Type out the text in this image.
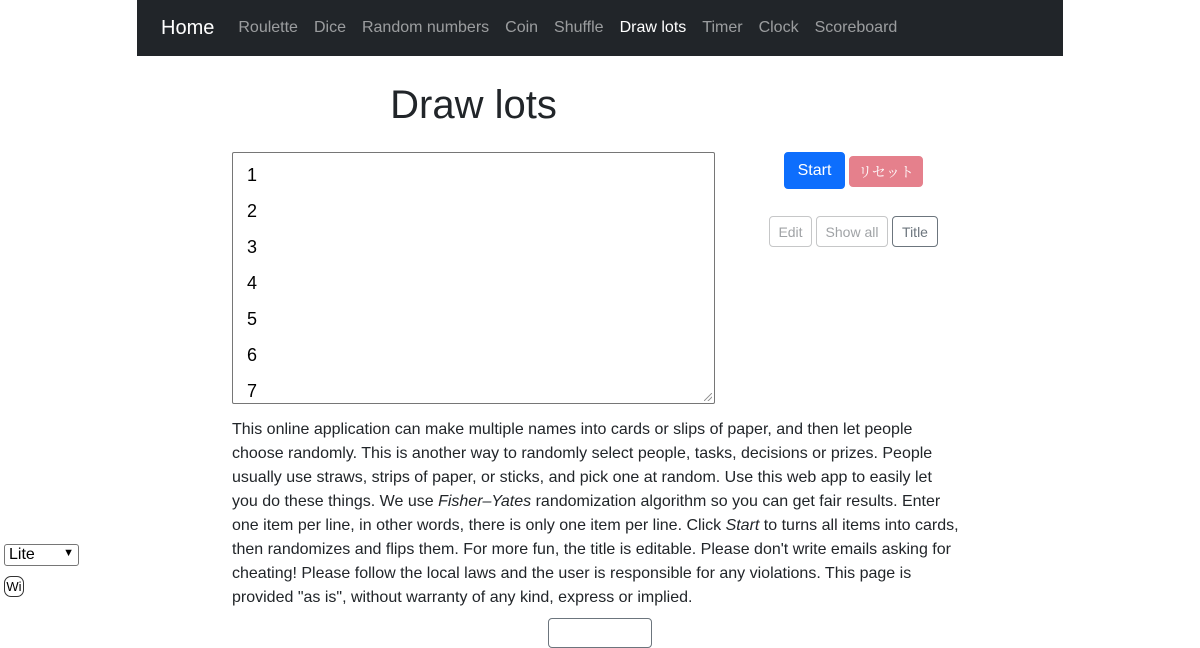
Home Roulette Dice Random numbers Coin Shuffle Draw lots Timer Clock Scoreboard
Draw lots
1
2
3
4
5
6
7
Start	リセット
Edit	Show all	Title

This online application can make multiple names into cards or slips of paper, and then let people choose randomly. This is another way to randomly select people, tasks, decisions or prizes. People usually use straws, strips of paper, or sticks, and pick one at random. Use this web app to easily let you do these things. We use Fisher–Yates randomization algorithm so you can get fair results. Enter one item per line, in other words, there is only one item per line. Click Start to turns all items into cards, then randomizes and flips them. For more fun, the title is editable. Please don't write emails asking for cheating! Please follow the local laws and the user is responsible for any violations. This page is provided "as is", without warranty of any kind, express or implied.

Lite	▼
Wi
